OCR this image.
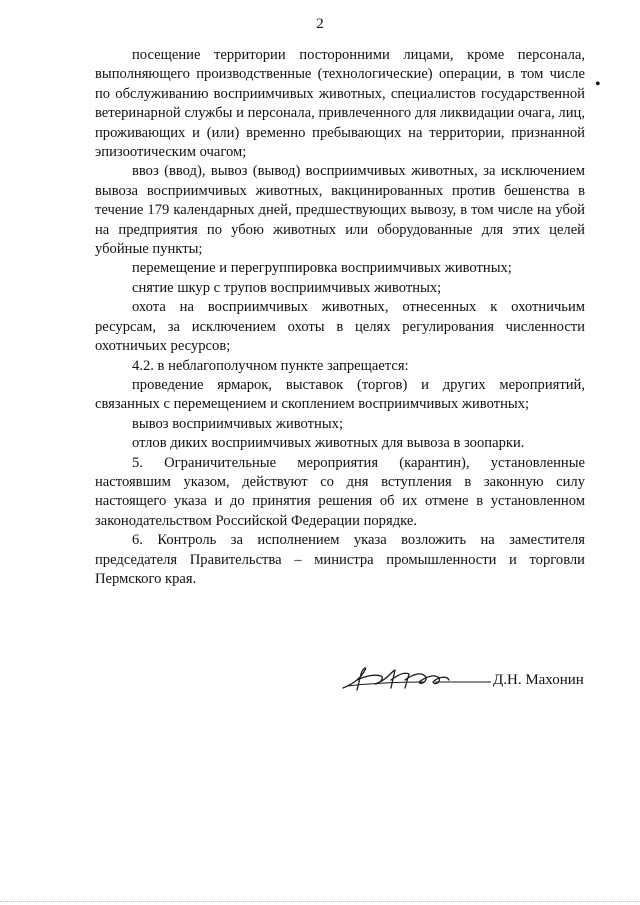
2
•

посещение территории посторонними лицами, кроме персонала, выполняющего производственные (технологические) операции, в том числе по обслуживанию восприимчивых животных, специалистов государственной ветеринарной службы и персонала, привлеченного для ликвидации очага, лиц, проживающих и (или) временно пребывающих на территории, признанной эпизоотическим очагом;

ввоз (ввод), вывоз (вывод) восприимчивых животных, за исключением вывоза восприимчивых животных, вакцинированных против бешенства в течение 179 календарных дней, предшествующих вывозу, в том числе на убой на предприятия по убою животных или оборудованные для этих целей убойные пункты;

перемещение и перегруппировка восприимчивых животных;

снятие шкур с трупов восприимчивых животных;

охота на восприимчивых животных, отнесенных к охотничьим ресурсам, за исключением охоты в целях регулирования численности охотничьих ресурсов;

4.2. в неблагополучном пункте запрещается:

проведение ярмарок, выставок (торгов) и других мероприятий, связанных с перемещением и скоплением восприимчивых животных;

вывоз восприимчивых животных;

отлов диких восприимчивых животных для вывоза в зоопарки.

5. Ограничительные мероприятия (карантин), установленные настоявшим указом, действуют со дня вступления в законную силу настоящего указа и до принятия решения об их отмене в установленном законодательством Российской Федерации порядке.

6. Контроль за исполнением указа возложить на заместителя председателя Правительства – министра промышленности и торговли Пермского края.

Д.Н. Махонин
